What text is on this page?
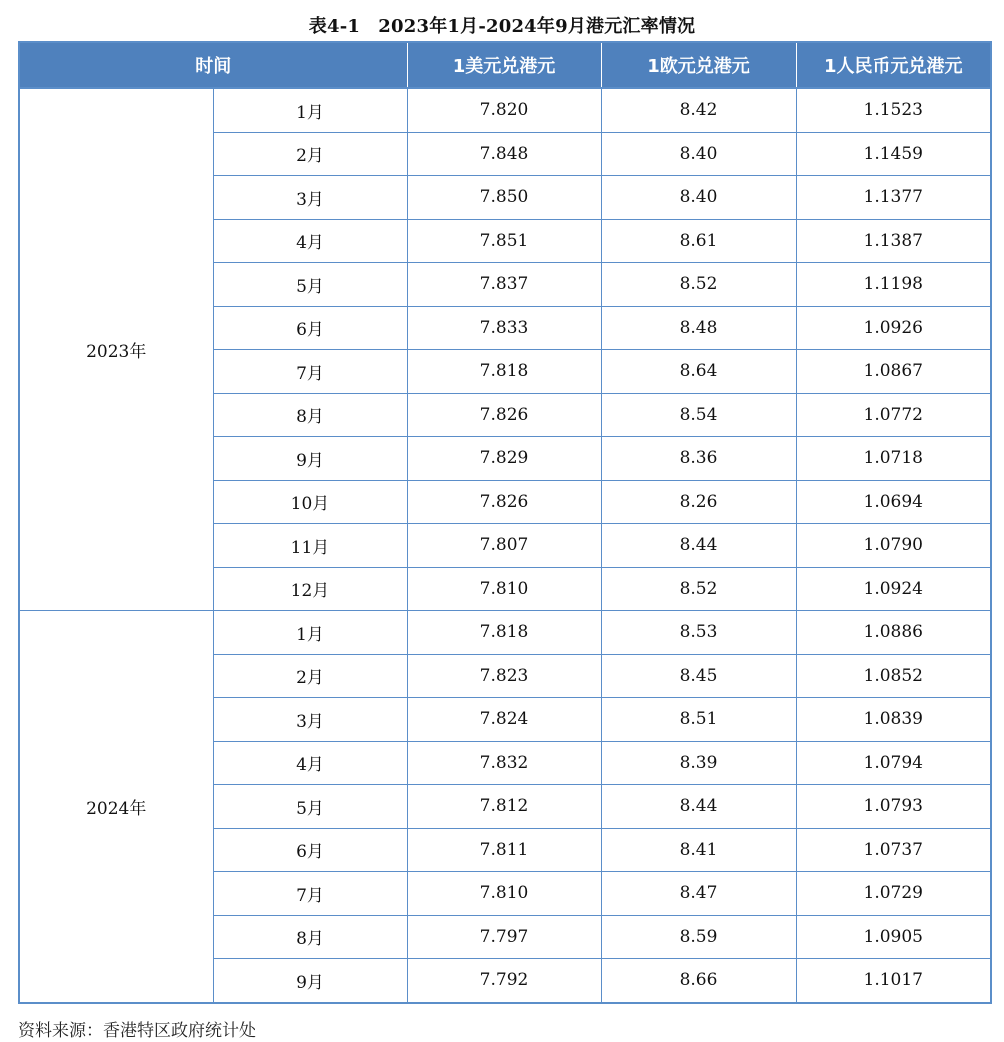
表4-1　2023年1月-2024年9月港元汇率情况
时间		1美元兑港元	1欧元兑港元	1人民币元兑港元
2023年	1月	7.820	8.42	1.1523
	2月	7.848	8.40	1.1459
	3月	7.850	8.40	1.1377
	4月	7.851	8.61	1.1387
	5月	7.837	8.52	1.1198
	6月	7.833	8.48	1.0926
	7月	7.818	8.64	1.0867
	8月	7.826	8.54	1.0772
	9月	7.829	8.36	1.0718
	10月	7.826	8.26	1.0694
	11月	7.807	8.44	1.0790
	12月	7.810	8.52	1.0924
2024年	1月	7.818	8.53	1.0886
	2月	7.823	8.45	1.0852
	3月	7.824	8.51	1.0839
	4月	7.832	8.39	1.0794
	5月	7.812	8.44	1.0793
	6月	7.811	8.41	1.0737
	7月	7.810	8.47	1.0729
	8月	7.797	8.59	1.0905
	9月	7.792	8.66	1.1017
资料来源：香港特区政府统计处
